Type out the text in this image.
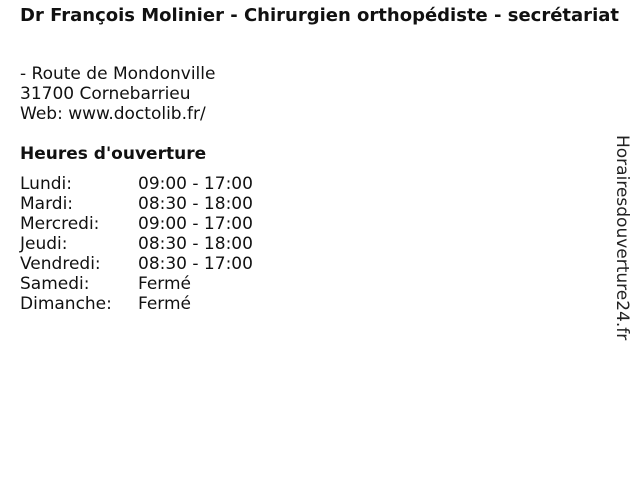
Dr François Molinier - Chirurgien orthopédiste - secrétariat
- Route de Mondonville
31700 Cornebarrieu
Web: www.doctolib.fr/
Heures d'ouverture
Lundi:	09:00 - 17:00
Mardi:	08:30 - 18:00
Mercredi:	09:00 - 17:00
Jeudi:	08:30 - 18:00
Vendredi:	08:30 - 17:00
Samedi:	Fermé
Dimanche:	Fermé	Horairesdouverture24.fr
